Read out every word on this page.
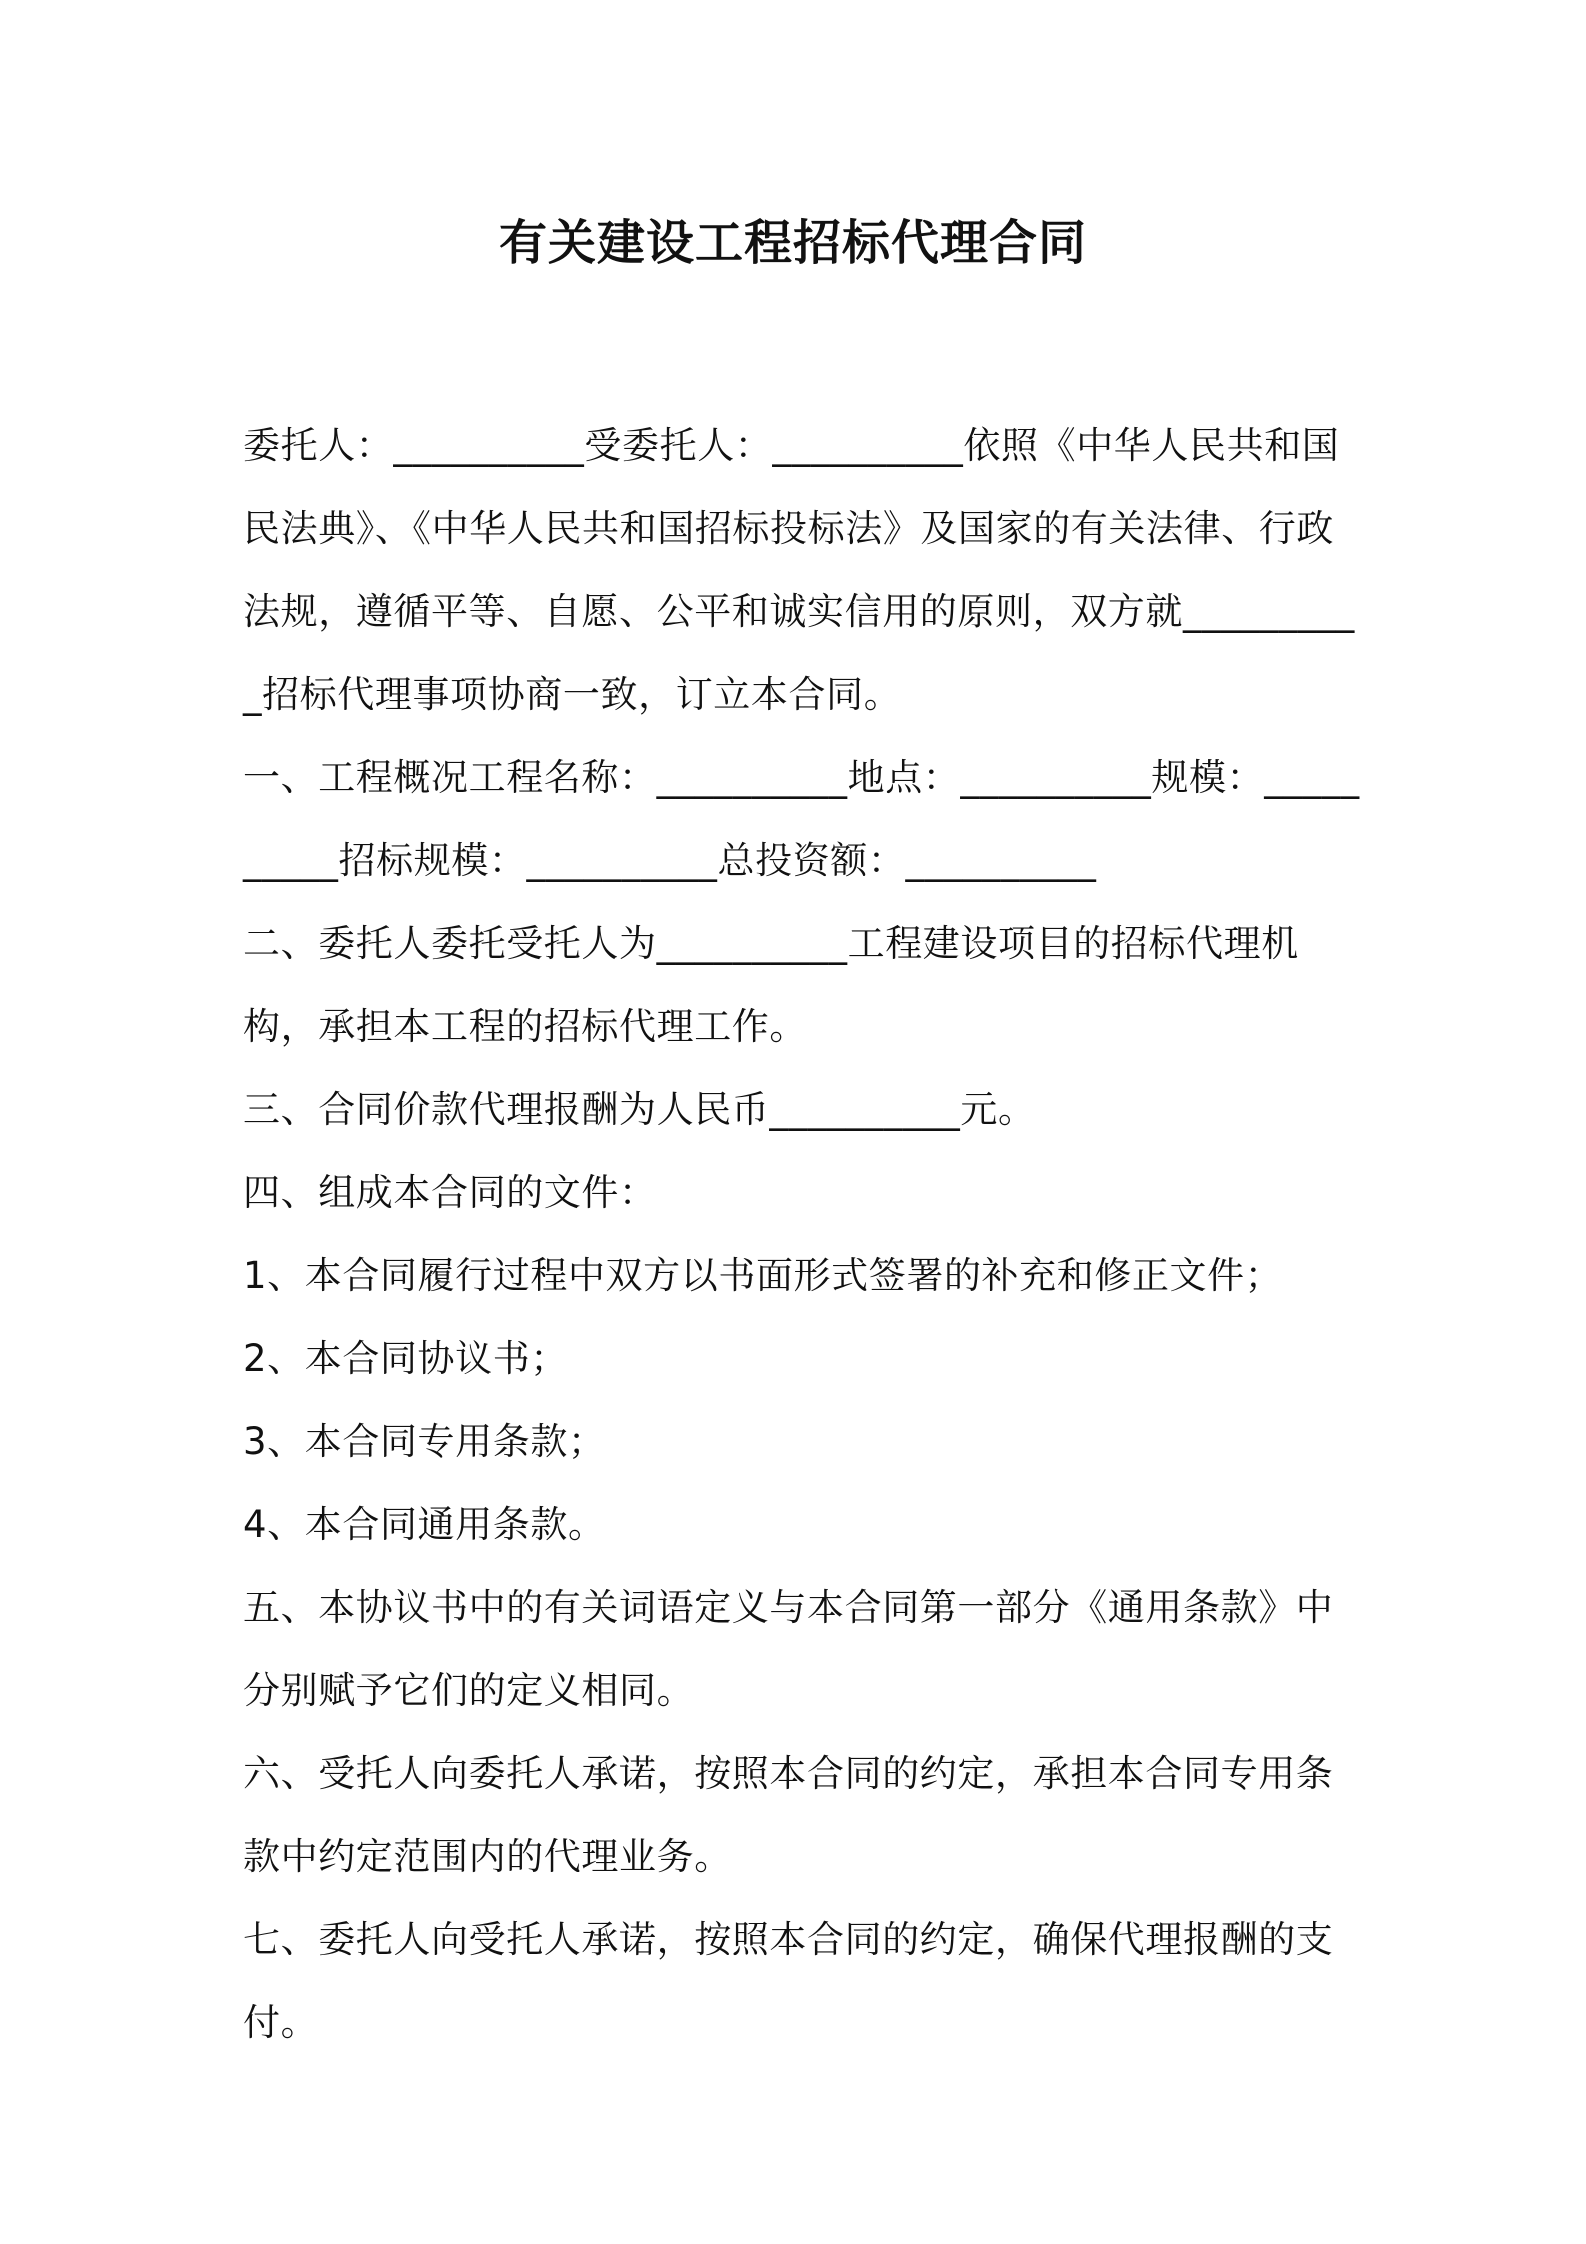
有关建设工程招标代理合同

委托人：__________受委托人：__________依照《中华人民共和国民法典》、《中华人民共和国招标投标法》及国家的有关法律、行政法规，遵循平等、自愿、公平和诚实信用的原则，双方就__________招标代理事项协商一致，订立本合同。

一、工程概况工程名称：__________地点：__________规模：__________招标规模：__________总投资额：__________

二、委托人委托受托人为__________工程建设项目的招标代理机构，承担本工程的招标代理工作。

三、合同价款代理报酬为人民币__________元。

四、组成本合同的文件：

1、本合同履行过程中双方以书面形式签署的补充和修正文件；

2、本合同协议书；

3、本合同专用条款；

4、本合同通用条款。

五、本协议书中的有关词语定义与本合同第一部分《通用条款》中分别赋予它们的定义相同。

六、受托人向委托人承诺，按照本合同的约定，承担本合同专用条款中约定范围内的代理业务。

七、委托人向受托人承诺，按照本合同的约定，确保代理报酬的支付。
